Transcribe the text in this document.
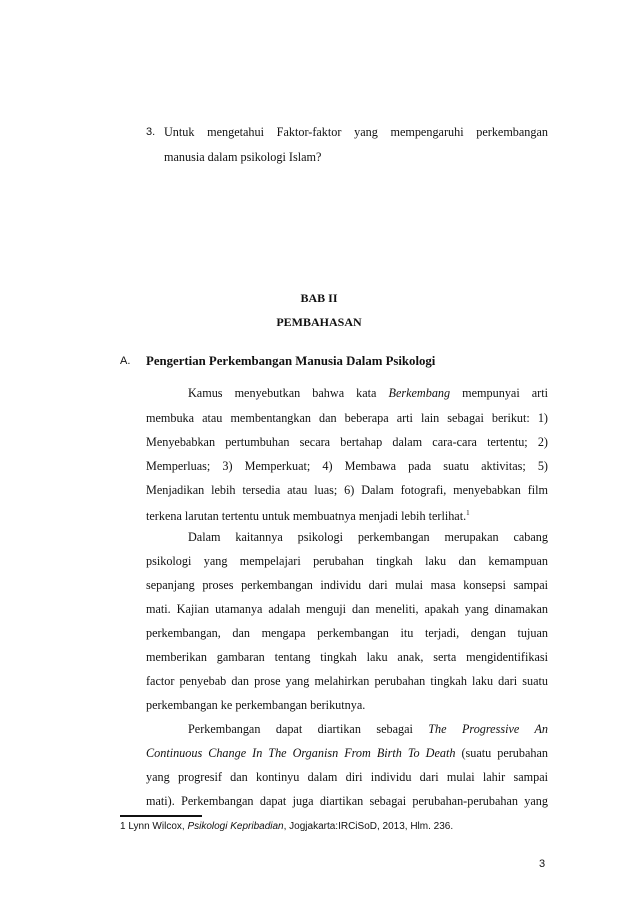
3. Untuk mengetahui Faktor-faktor yang mempengaruhi perkembangan
manusia dalam psikologi Islam?
BAB II
PEMBAHASAN
A. Pengertian Perkembangan Manusia Dalam Psikologi
Kamus menyebutkan bahwa kata Berkembang mempunyai arti
membuka atau membentangkan dan beberapa arti lain sebagai berikut: 1)
Menyebabkan pertumbuhan secara bertahap dalam cara-cara tertentu; 2)
Memperluas; 3) Memperkuat; 4) Membawa pada suatu aktivitas; 5)
Menjadikan lebih tersedia atau luas; 6) Dalam fotografi, menyebabkan film
terkena larutan tertentu untuk membuatnya menjadi lebih terlihat.$^1$
Dalam kaitannya psikologi perkembangan merupakan cabang
psikologi yang mempelajari perubahan tingkah laku dan kemampuan
sepanjang proses perkembangan individu dari mulai masa konsepsi sampai
mati. Kajian utamanya adalah menguji dan meneliti, apakah yang dinamakan
perkembangan, dan mengapa perkembangan itu terjadi, dengan tujuan
memberikan gambaran tentang tingkah laku anak, serta mengidentifikasi
factor penyebab dan prose yang melahirkan perubahan tingkah laku dari suatu
perkembangan ke perkembangan berikutnya.
Perkembangan dapat diartikan sebagai The Progressive An
Continuous Change In The Organisn From Birth To Death (suatu perubahan
yang progresif dan kontinyu dalam diri individu dari mulai lahir sampai
mati). Perkembangan dapat juga diartikan sebagai perubahan-perubahan yang
1 Lynn Wilcox, Psikologi Kepribadian, Jogjakarta:IRCiSoD, 2013, Hlm. 236.
3
